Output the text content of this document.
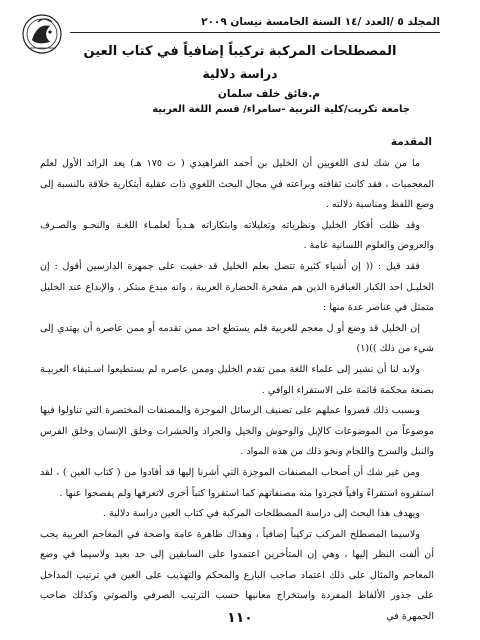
المجلد ٥ /العدد /١٤ السنة الخامسة نيسان ٢٠٠٩
المصطلحات المركبة تركيباً إضافياً في كتاب العين
دراسة دلالية
م.فائق خلف سلمان
جامعة تكريت/كلية التربية -سامراء/ قسم اللغة العربية
المقدمة

ما من شك لدى اللغويين أن الخليل بن أحمد الفراهيدي ( ت ١٧٥ هـ) يعد الرائد الأول لعلم المعجميات ، فقد كانت ثقافته وبراعته في مجال البحث اللغوي ذات عقلية أبتكارية خلاقة بالنسبة إلى وضع اللفظ ومناسبة دلالته .

وقد ظلت أفكار الخليل ونظرياته وتعليلاته وابتكاراته هـدياً لعلمـاء اللغـة والنحـو والصـرف والعروض والعلوم اللسانية عامة .

فقد قيل : (( إن أشياء كثيرة تتصل بعلم الخليل قد خفيت على جمهرة الدارسين أقول : إن الخليـل احد الكبار العباقرة الذين هم مفخرة الحضارة العربية ، وانه مبدع مبتكر ، والإبداع عند الخليل متمثل في عناصر عدة منها :

إن الخليل قد وضع أو ل معجم للعربية فلم يستطع احد ممن تقدمه أو ممن عاصره أن يهتدي إلى شيء من ذلك ))(١)

ولابد لنا أن نشير إلى علماء اللغة ممن تقدم الخليل وممن عاصره لم يستطيعوا اسـتيفاء العربيـة بصنعة محكمة قائمة على الاستقراء الوافي .

وبسبب ذلك قصروا عملهم على تصنيف الرسائل الموجزة والمصنفات المختصرة التي تناولوا فيها موضوعاً من الموضوعات كالإبل والوحوش والخيل والجراد والحشرات وخلق الإنسان وخلق الفرس والنبل والسرج واللجام ونحو ذلك من هذه المواد .

ومن غير شك أن أصحاب المصنفات الموجزة التي أشرنا إليها قد أفادوا من ( كتاب العين ) ، لقد استقروه استقراءً وافياً فجردوا منه مصنفاتهم كما استقروا كتباً أخرى لاتعرفها ولم يفصحوا عنها .

ويهدف هذا البحث إلى دراسة المصطلحات المركبة في كتاب العين دراسة دلالية .

ولاسيما المصطلح المركب تركيباً إضافياً ، وهذاك ظاهرة عامة واضحة في المعاجم العربية يجب أن ألفت النظر إليها ، وهي إن المتأخرين اعتمدوا على السابقين إلى حد بعيد ولاسيما في وضع المعاجم والمثال على ذلك اعتماد صاحب البارع والمحكم والتهذيب على العين في ترتيب المداخل على جذور الألفاظ المفردة واستخراج معانيها حسب الترتيب الصرفي والصوتي وكذلك صاحب الجمهرة في

١١٠
